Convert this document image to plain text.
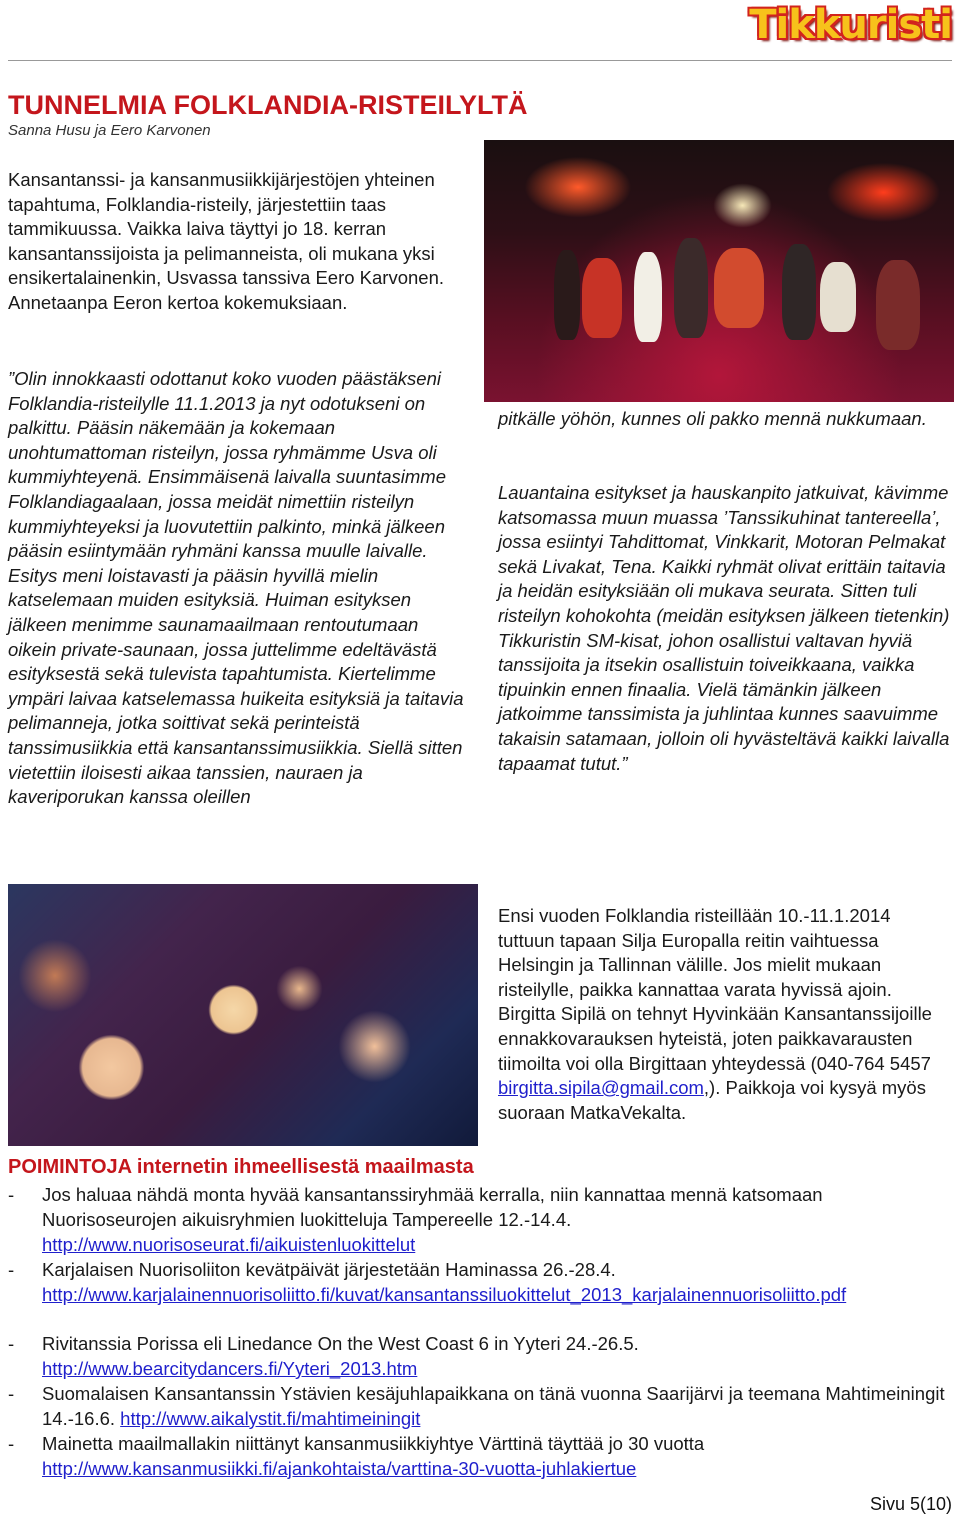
Tikkuristi
TUNNELMIA FOLKLANDIA-RISTEILYLTÄ
Sanna Husu ja Eero Karvonen

Kansantanssi- ja kansanmusiikkijärjestöjen yhteinen tapahtuma, Folklandia-risteily, järjestettiin taas tammikuussa. Vaikka laiva täyttyi jo 18. kerran kansantanssijoista ja pelimanneista, oli mukana yksi ensikertalainenkin, Usvassa tanssiva Eero Karvonen. Annetaanpa Eeron kertoa kokemuksiaan.

”Olin innokkaasti odottanut koko vuoden päästäkseni Folklandia-risteilylle 11.1.2013 ja nyt odotukseni on palkittu. Pääsin näkemään ja kokemaan unohtumattoman risteilyn, jossa ryhmämme Usva oli kummiyhteyenä. Ensimmäisenä laivalla suuntasimme Folklandiagaalaan, jossa meidät nimettiin risteilyn kummiyhteyeksi ja luovutettiin palkinto, minkä jälkeen pääsin esiintymään ryhmäni kanssa muulle laivalle. Esitys meni loistavasti ja pääsin hyvillä mielin katselemaan muiden esityksiä. Huiman esityksen jälkeen menimme saunamaailmaan rentoutumaan oikein private-saunaan, jossa juttelimme edeltävästä esityksestä sekä tulevista tapahtumista. Kiertelimme ympäri laivaa katselemassa huikeita esityksiä ja taitavia pelimanneja, jotka soittivat sekä perinteistä tanssimusiikkia että kansantanssimusiikkia. Siellä sitten vietettiin iloisesti aikaa tanssien, nauraen ja kaveriporukan kanssa oleillen

pitkälle yöhön, kunnes oli pakko mennä nukkumaan.

Lauantaina esitykset ja hauskanpito jatkuivat, kävimme katsomassa muun muassa ’Tanssikuhinat tantereella’, jossa esiintyi Tahdittomat, Vinkkarit, Motoran Pelmakat sekä Livakat, Tena. Kaikki ryhmät olivat erittäin taitavia ja heidän esityksiään oli mukava seurata. Sitten tuli risteilyn kohokohta (meidän esityksen jälkeen tietenkin) Tikkuristin SM-kisat, johon osallistui valtavan hyviä tanssijoita ja itsekin osallistuin toiveikkaana, vaikka tipuinkin ennen finaalia. Vielä tämänkin jälkeen jatkoimme tanssimista ja juhlintaa kunnes saavuimme takaisin satamaan, jolloin oli hyvästeltävä kaikki laivalla tapaamat tutut.”

Ensi vuoden Folklandia risteillään 10.-11.1.2014 tuttuun tapaan Silja Europalla reitin vaihtuessa Helsingin ja Tallinnan välille. Jos mielit mukaan risteilylle, paikka kannattaa varata hyvissä ajoin. Birgitta Sipilä on tehnyt Hyvinkään Kansantanssijoille ennakkovarauksen hyteistä, joten paikkavarausten tiimoilta voi olla Birgittaan yhteydessä (040-764 5457 birgitta.sipila@gmail.com,). Paikkoja voi kysyä myös suoraan MatkaVekalta.

POIMINTOJA internetin ihmeellisestä maailmasta
-	Jos haluaa nähdä monta hyvää kansantanssiryhmää kerralla, niin kannattaa mennä katsomaan Nuorisoseurojen aikuisryhmien luokitteluja Tampereelle 12.-14.4.
http://www.nuorisoseurat.fi/aikuistenluokittelut
-	Karjalaisen Nuorisoliiton kevätpäivät järjestetään Haminassa 26.-28.4.
http://www.karjalainennuorisoliitto.fi/kuvat/kansantanssiluokittelut_2013_karjalainennuorisoliitto.pdf
-	Rivitanssia Porissa eli Linedance On the West Coast 6 in Yyteri 24.-26.5.
http://www.bearcitydancers.fi/Yyteri_2013.htm
-	Suomalaisen Kansantanssin Ystävien kesäjuhlapaikkana on tänä vuonna Saarijärvi ja teemana Mahtimeiningit 14.-16.6. http://www.aikalystit.fi/mahtimeiningit
-	Mainetta maailmallakin niittänyt kansanmusiikkiyhtye Värttinä täyttää jo 30 vuotta
http://www.kansanmusiikki.fi/ajankohtaista/varttina-30-vuotta-juhlakiertue
Sivu 5(10)
